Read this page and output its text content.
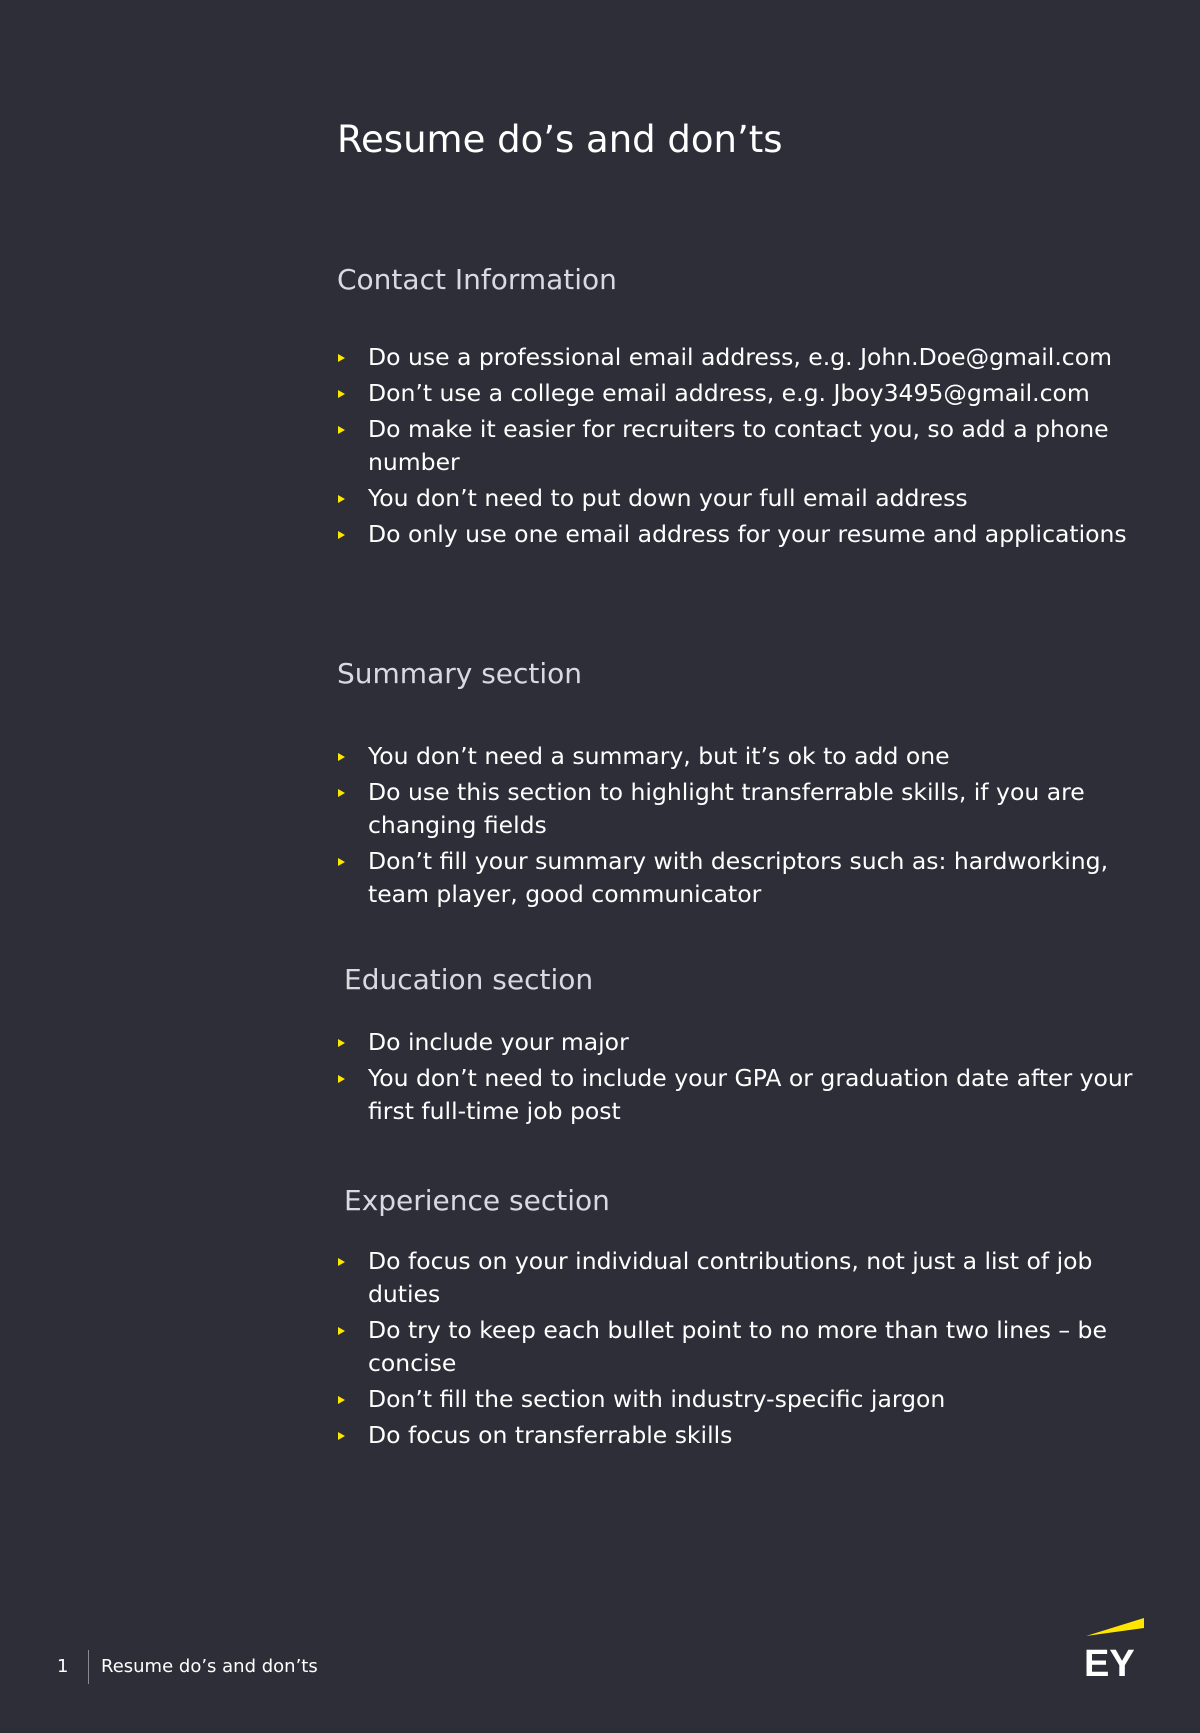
Resume do’s and don’ts
Contact Information
Do use a professional email address, e.g. John.Doe@gmail.com
Don’t use a college email address, e.g. Jboy3495@gmail.com
Do make it easier for recruiters to contact you, so add a phone number
You don’t need to put down your full email address
Do only use one email address for your resume and applications
Summary section
You don’t need a summary, but it’s ok to add one
Do use this section to highlight transferrable skills, if you are changing fields
Don’t fill your summary with descriptors such as: hardworking, team player, good communicator
Education section
Do include your major
You don’t need to include your GPA or graduation date after your first full-time job post
Experience section
Do focus on your individual contributions, not just a list of job duties
Do try to keep each bullet point to no more than two lines – be concise
Don’t fill the section with industry-specific jargon
Do focus on transferrable skills
1 Resume do’s and don’ts	EY
